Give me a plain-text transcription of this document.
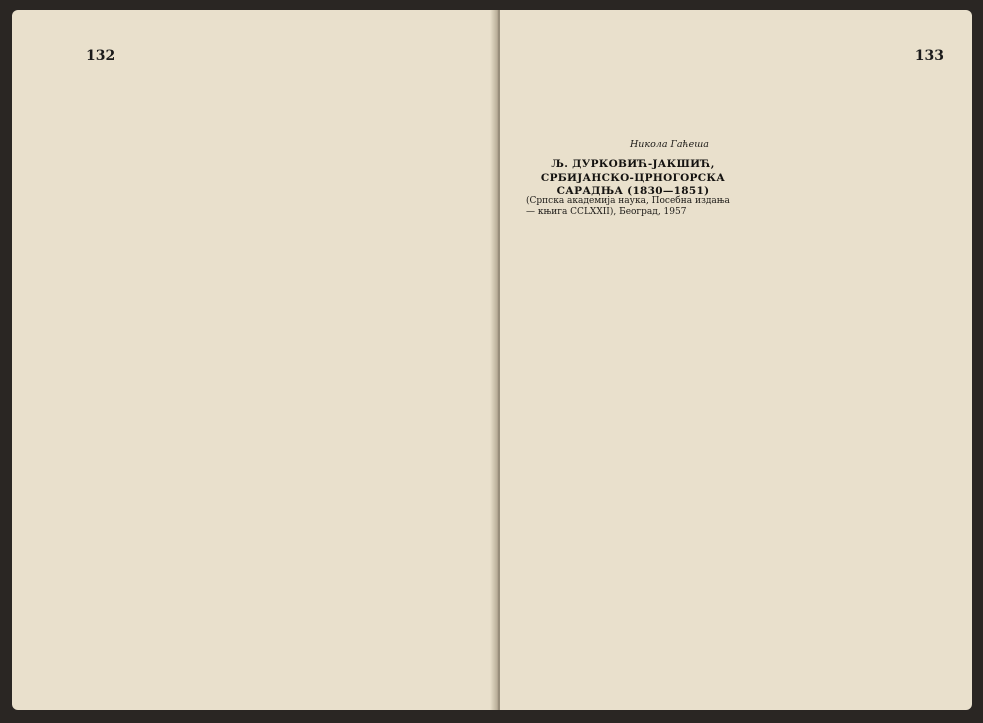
132	133
Никола Гаћеша
Љ. ДУРКОВИЋ-ЈАКШИЋ, СРБИЈАНСКО-ЦРНОГОРСКА САРАДЊА (1830—1851)
(Српска академија наука, Посебна издања — књига CCLXXII), Београд, 1957
